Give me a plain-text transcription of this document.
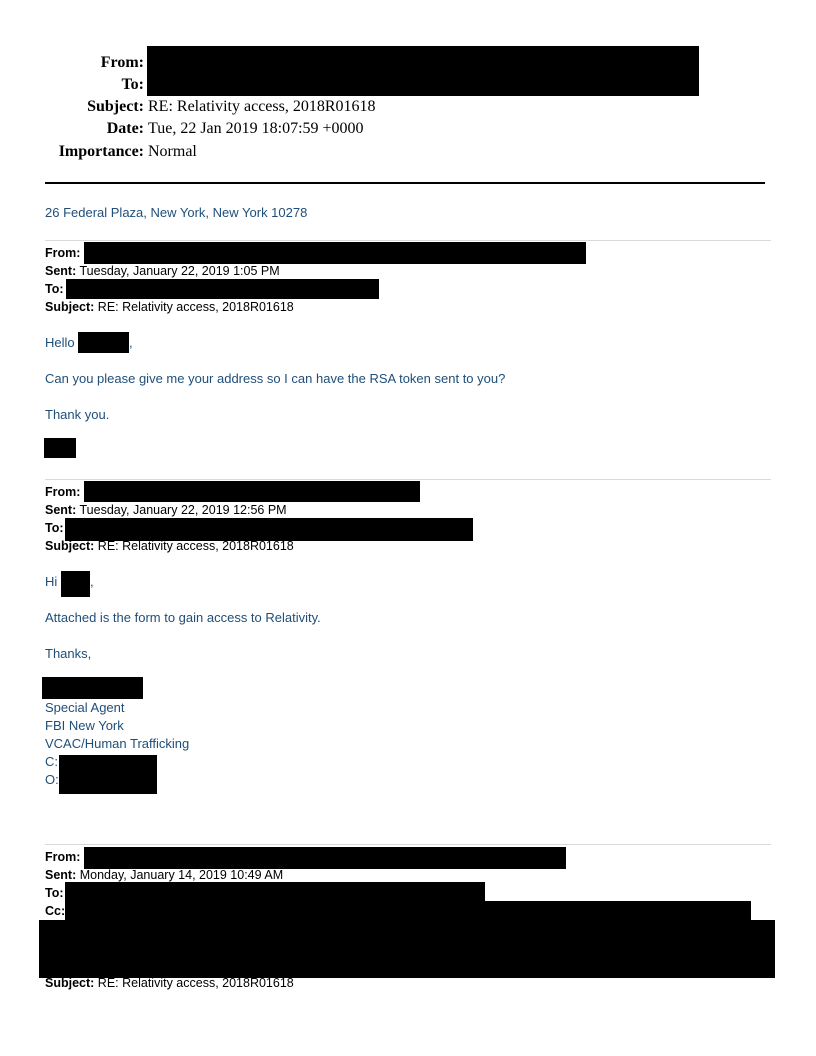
From:
To:
Subject: RE: Relativity access, 2018R01618
Date: Tue, 22 Jan 2019 18:07:59 +0000
Importance: Normal
26 Federal Plaza, New York, New York 10278
From:
Sent: Tuesday, January 22, 2019 1:05 PM
To:
Subject: RE: Relativity access, 2018R01618
Hello	,
Can you please give me your address so I can have the RSA token sent to you?
Thank you.
From:
Sent: Tuesday, January 22, 2019 12:56 PM
To:
Subject: RE: Relativity access, 2018R01618
Hi	,
Attached is the form to gain access to Relativity.
Thanks,
Special Agent
FBI New York
VCAC/Human Trafficking
C:
O:
From:
Sent: Monday, January 14, 2019 10:49 AM
To:
Cc:
Subject: RE: Relativity access, 2018R01618
